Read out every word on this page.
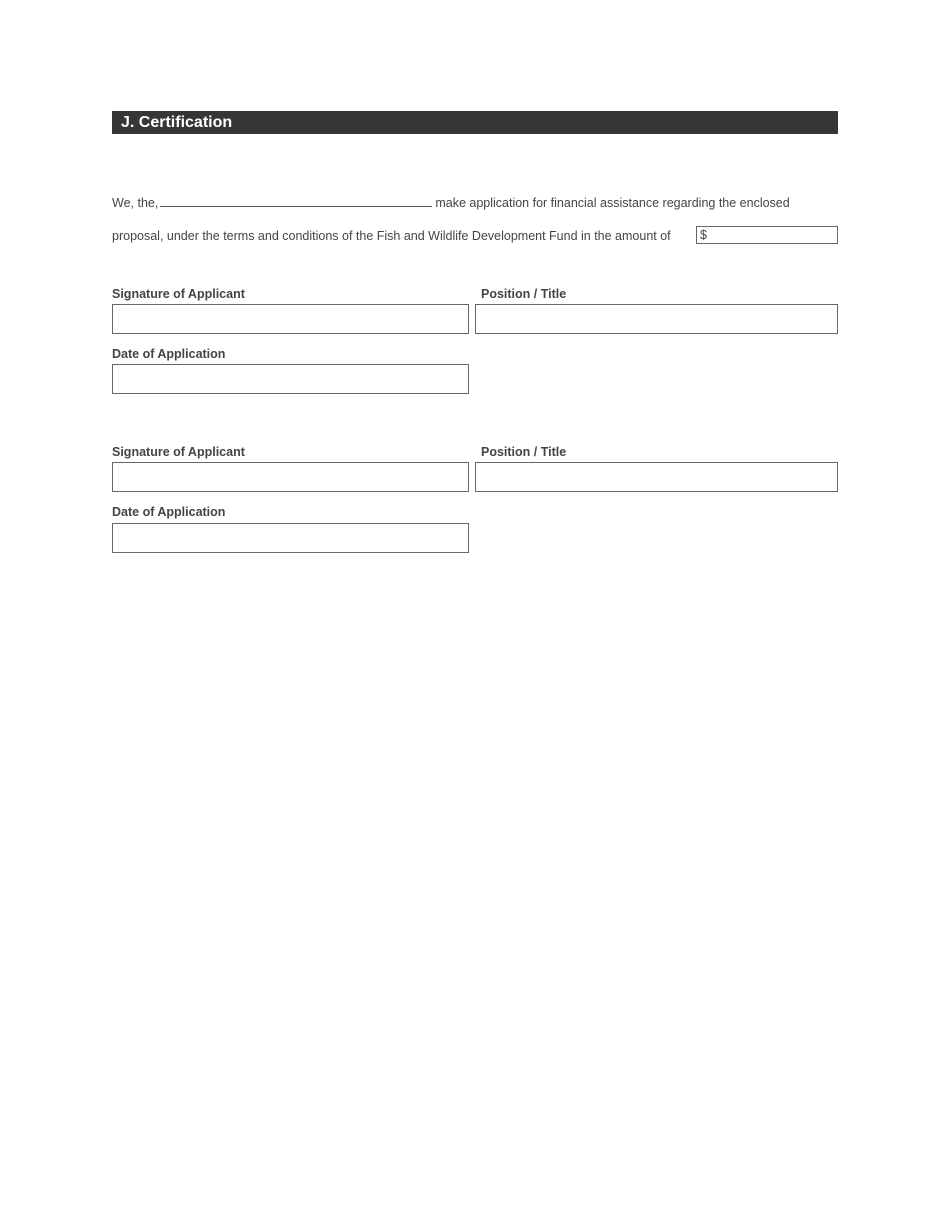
J. Certification
We, the,	make application for financial assistance regarding the enclosed
proposal, under the terms and conditions of the Fish and Wildlife Development Fund in the amount of	$
Signature of Applicant	Position / Title
Date of Application
Signature of Applicant	Position / Title
Date of Application
